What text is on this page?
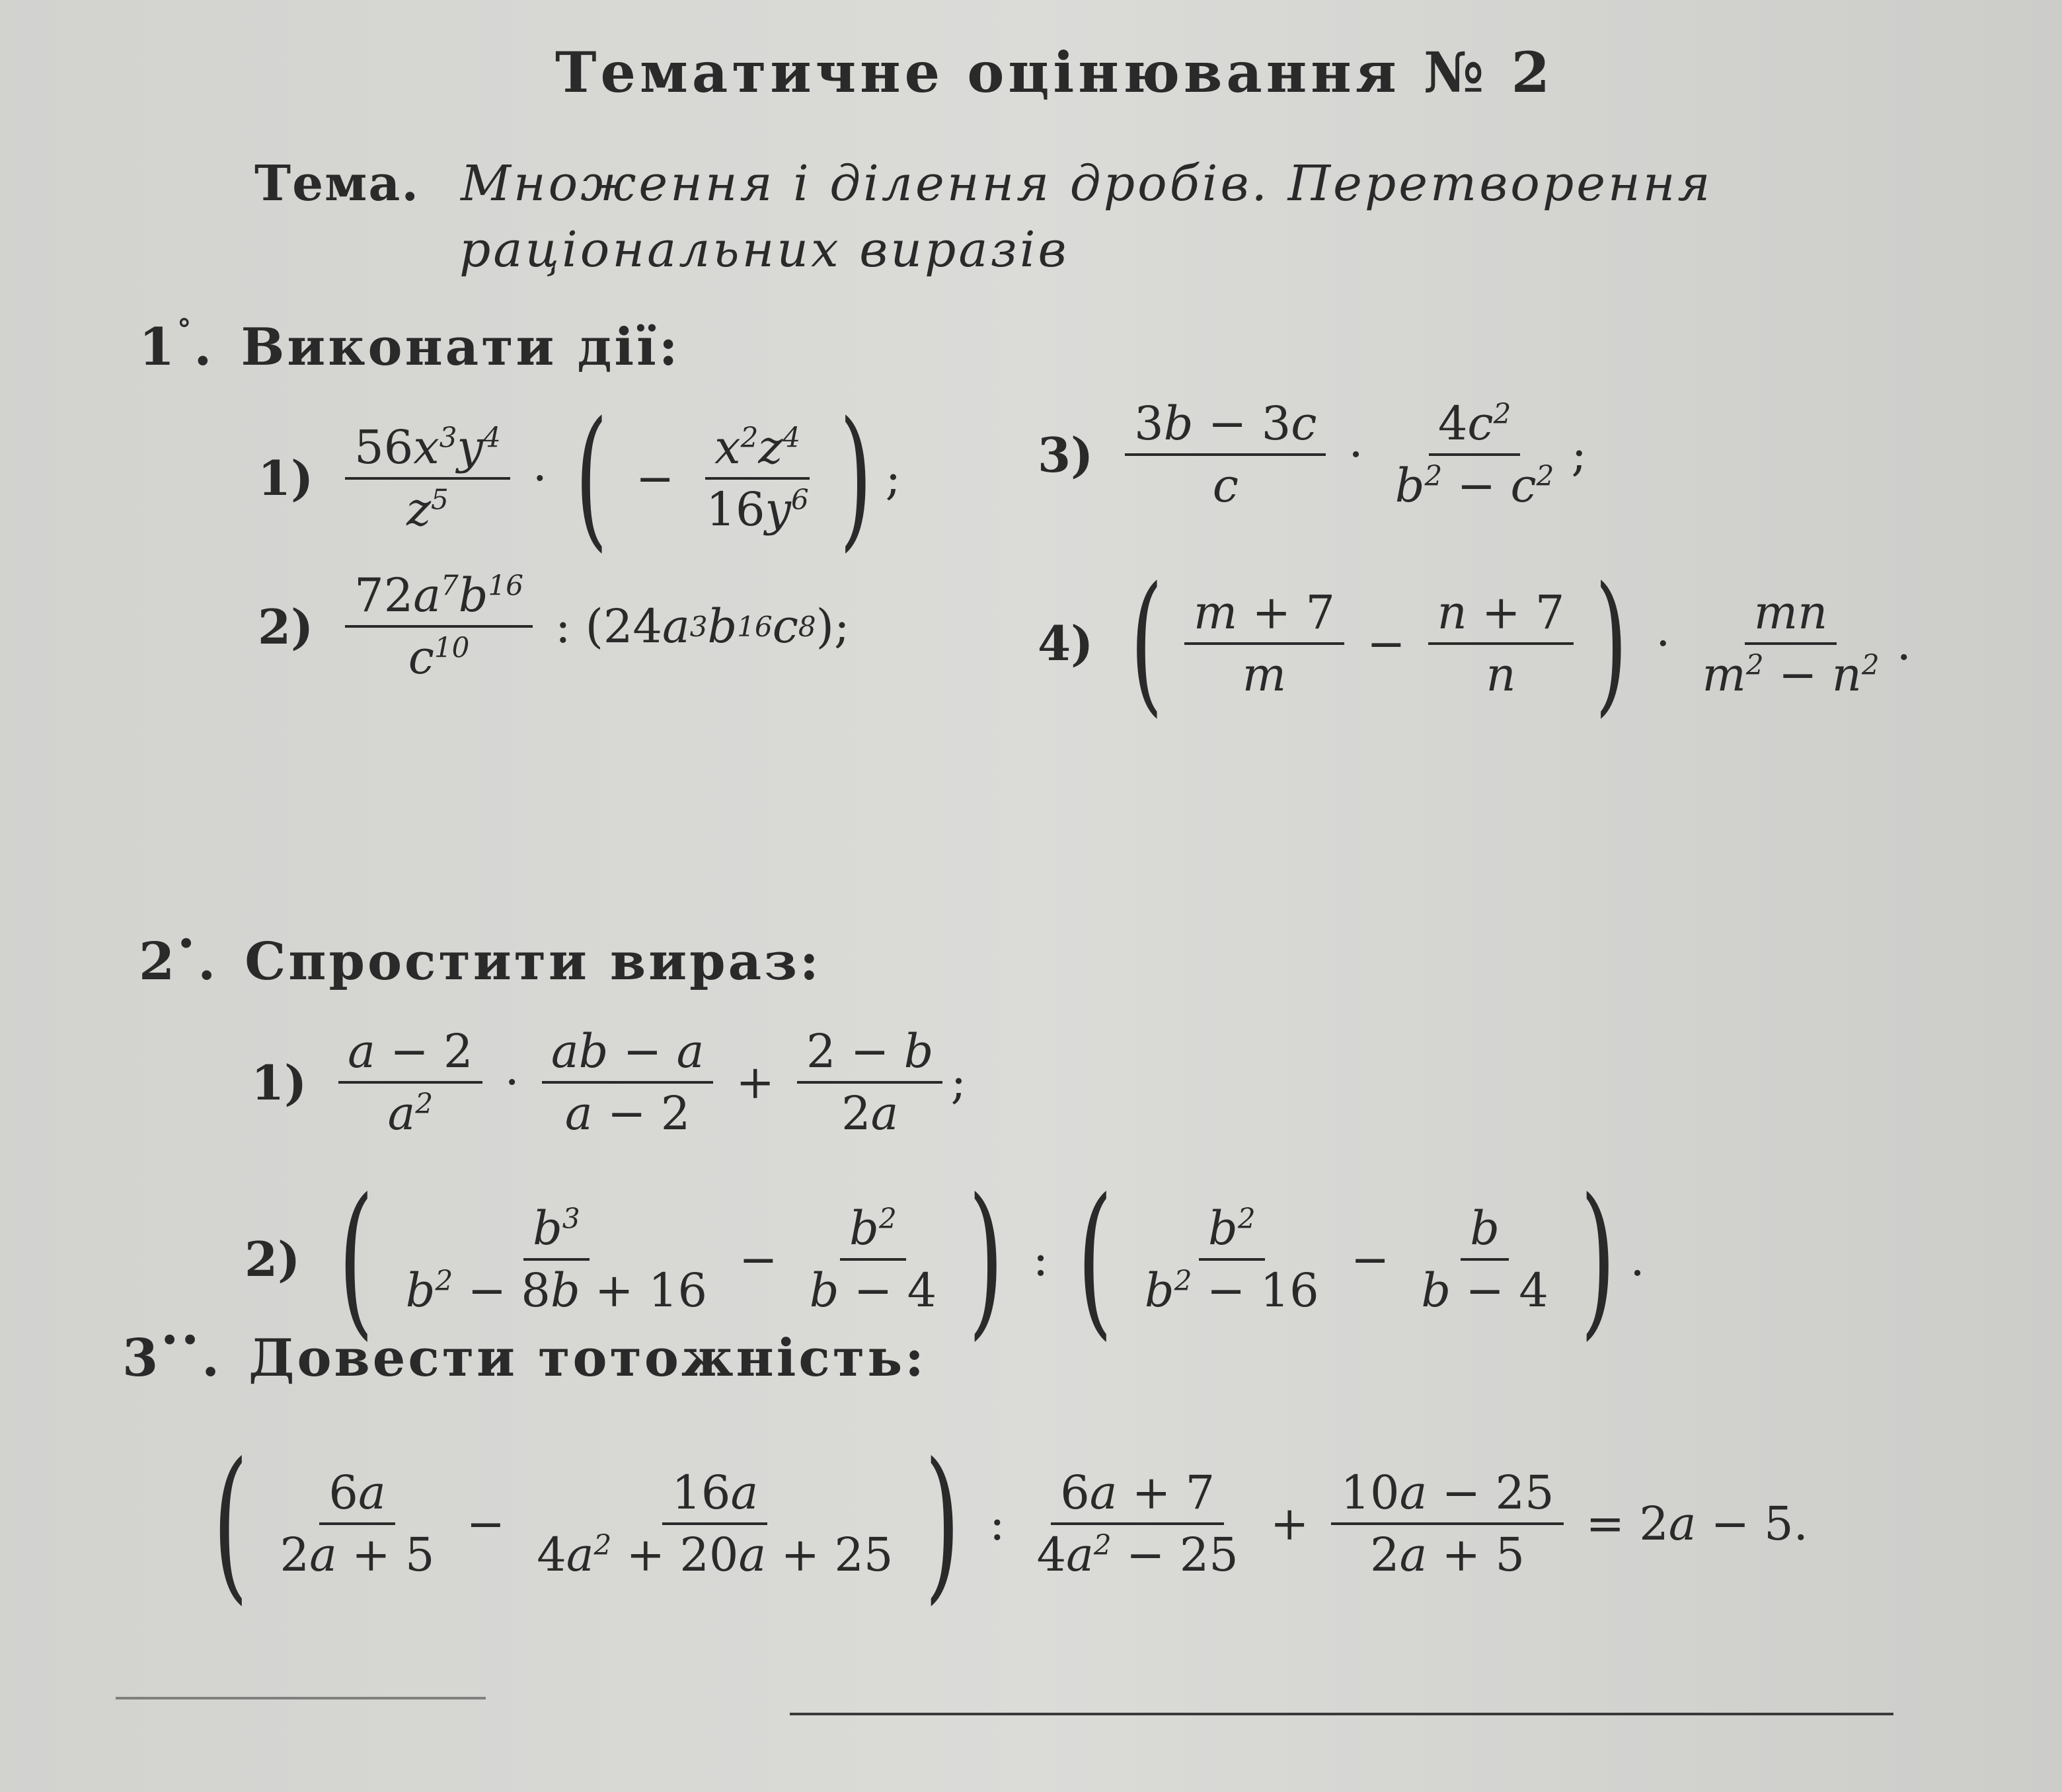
Тематичне оцінювання № 2
Тема. Множення і ділення дробів. Перетворення
раціональних виразів
1°. Виконати дії:
$1) \frac{56x^3y^4}{z^5}$ · ( − $\frac{x^2z^4}{16y^6}$ ) ;
$2) \frac{72a^7b^{16}}{c^{10}}$ : (24 a 3 b 16 c 8 );
$3) \frac{3b - 3c}{c} \cdot \frac{4c^2}{b^2 - c^2}$ ;
4) ( $\frac{m + 7}{m} - \frac{n + 7}{n}$ ) · $\frac{mn}{m^2 - n^2}$ .
2•. Спростити вираз:
$1) \frac{a - 2}{a^2} \cdot \frac{ab - a}{a - 2} + \frac{2 - b}{2a}$ ;
2) ( $\frac{b^3}{b^2 - 8b + 16} - \frac{b^2}{b - 4}$ ) : ( $\frac{b^2}{b^2 - 16} - \frac{b}{b - 4}$ ) .
3••. Довести тотожність:
( $\frac{6a}{2a + 5} - \frac{16a}{4a^2 + 20a + 25}$ ) : $\frac{6a + 7}{4a^2 - 25} + \frac{10a - 25}{2a + 5} = 2$ a − 5.
